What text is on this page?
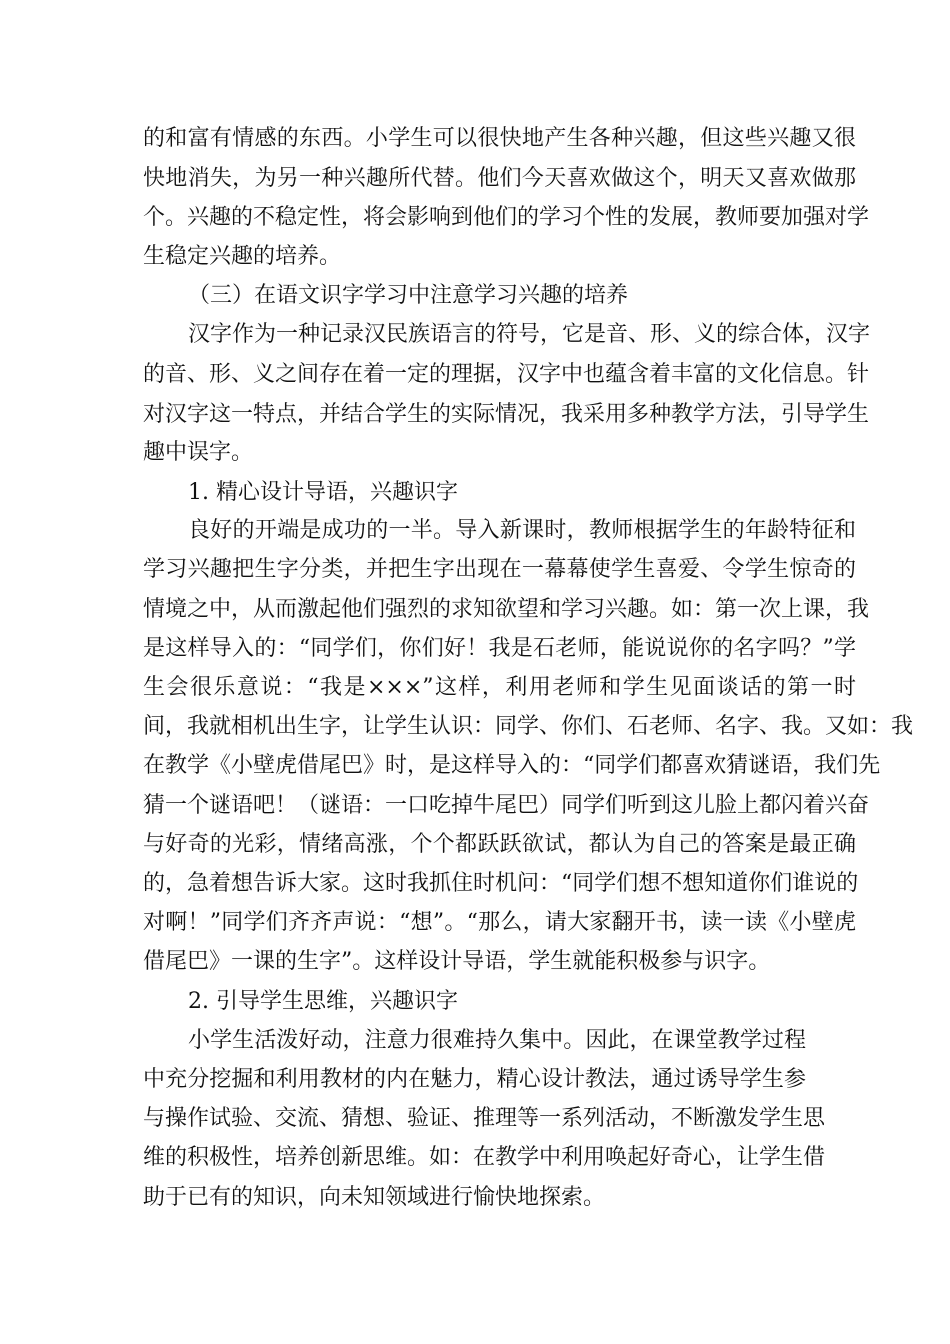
的和富有情感的东西。小学生可以很快地产生各种兴趣，但这些兴趣又很

快地消失，为另一种兴趣所代替。他们今天喜欢做这个，明天又喜欢做那

个。兴趣的不稳定性，将会影响到他们的学习个性的发展，教师要加强对学

生稳定兴趣的培养。

（三）在语文识字学习中注意学习兴趣的培养

汉字作为一种记录汉民族语言的符号，它是音、形、义的综合体，汉字

的音、形、义之间存在着一定的理据，汉字中也蕴含着丰富的文化信息。针

对汉字这一特点，并结合学生的实际情况，我采用多种教学方法，引导学生

趣中误字。

1. 精心设计导语，兴趣识字

良好的开端是成功的一半。导入新课时，教师根据学生的年龄特征和

学习兴趣把生字分类，并把生字出现在一幕幕使学生喜爱、令学生惊奇的

情境之中，从而激起他们强烈的求知欲望和学习兴趣。如：第一次上课，我

是这样导入的：“同学们，你们好！我是石老师，能说说你的名字吗？”学

生会很乐意说：“我是×××”这样，利用老师和学生见面谈话的第一时

间，我就相机出生字，让学生认识：同学、你们、石老师、名字、我。又如：我

在教学《小壁虎借尾巴》时，是这样导入的：“同学们都喜欢猜谜语，我们先

猜一个谜语吧！（谜语：一口吃掉牛尾巴）同学们听到这儿脸上都闪着兴奋

与好奇的光彩，情绪高涨，个个都跃跃欲试，都认为自己的答案是最正确

的，急着想告诉大家。这时我抓住时机问：“同学们想不想知道你们谁说的

对啊！”同学们齐齐声说：“想”。“那么，请大家翻开书，读一读《小壁虎

借尾巴》一课的生字”。这样设计导语，学生就能积极参与识字。

2. 引导学生思维，兴趣识字

小学生活泼好动，注意力很难持久集中。因此，在课堂教学过程

中充分挖掘和利用教材的内在魅力，精心设计教法，通过诱导学生参

与操作试验、交流、猜想、验证、推理等一系列活动，不断激发学生思

维的积极性，培养创新思维。如：在教学中利用唤起好奇心，让学生借

助于已有的知识，向未知领域进行愉快地探索。
